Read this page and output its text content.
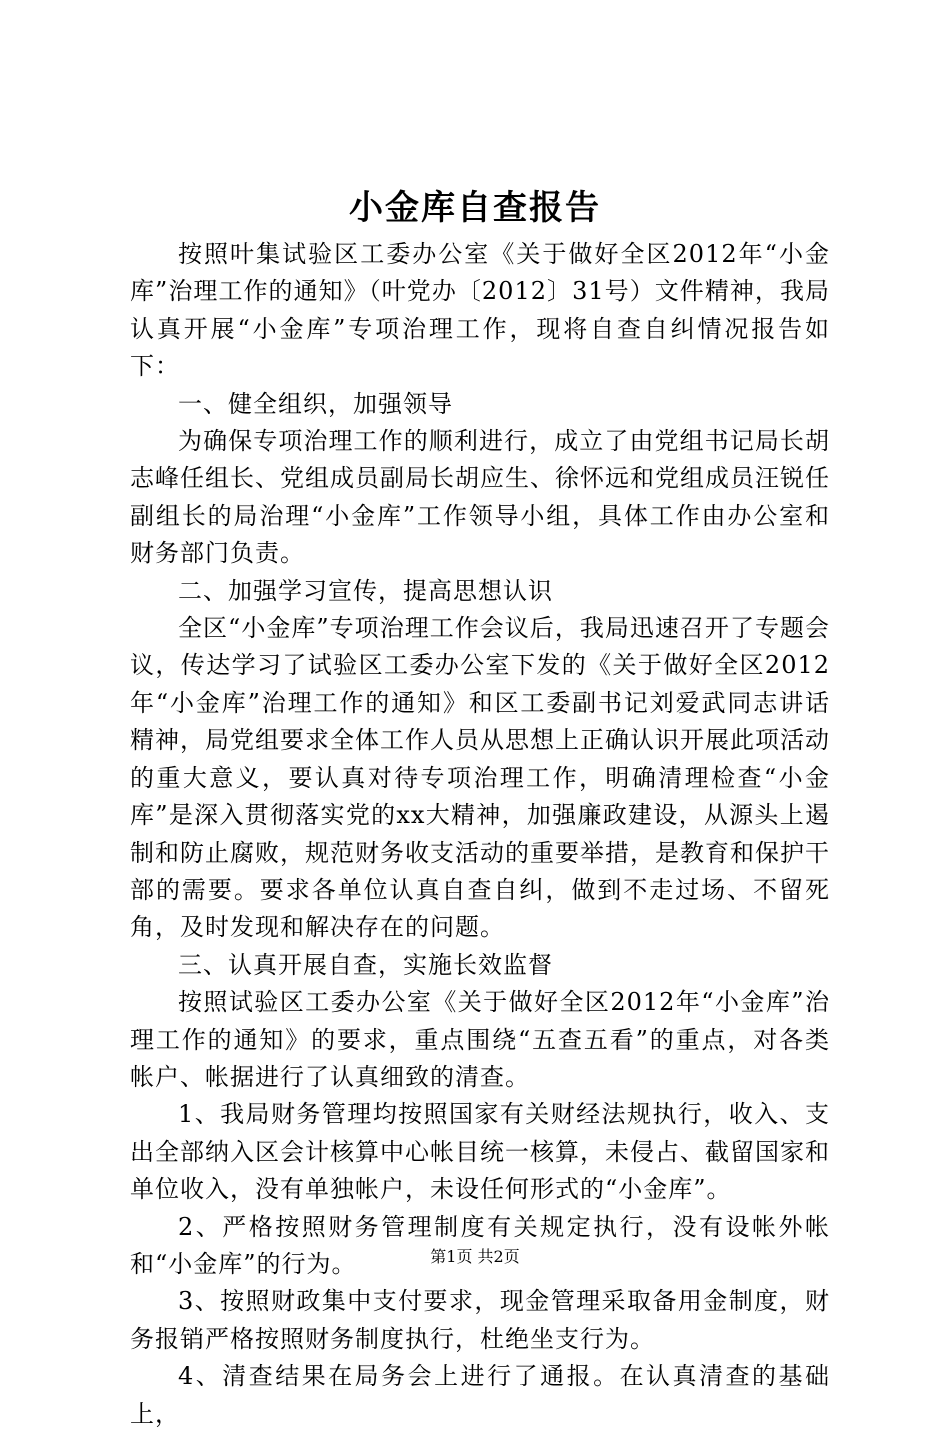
小金库自查报告

按照叶集试验区工委办公室《关于做好全区2012年“小金库”治理工作的通知》（叶党办〔2012〕31号）文件精神，我局认真开展“小金库”专项治理工作，现将自查自纠情况报告如下：

一、健全组织，加强领导

为确保专项治理工作的顺利进行，成立了由党组书记局长胡志峰任组长、党组成员副局长胡应生、徐怀远和党组成员汪锐任副组长的局治理“小金库”工作领导小组，具体工作由办公室和财务部门负责。

二、加强学习宣传，提高思想认识

全区“小金库”专项治理工作会议后，我局迅速召开了专题会议，传达学习了试验区工委办公室下发的《关于做好全区2012年“小金库”治理工作的通知》和区工委副书记刘爱武同志讲话精神，局党组要求全体工作人员从思想上正确认识开展此项活动的重大意义，要认真对待专项治理工作，明确清理检查“小金库”是深入贯彻落实党的xx大精神，加强廉政建设，从源头上遏制和防止腐败，规范财务收支活动的重要举措，是教育和保护干部的需要。要求各单位认真自查自纠，做到不走过场、不留死角，及时发现和解决存在的问题。

三、认真开展自查，实施长效监督

按照试验区工委办公室《关于做好全区2012年“小金库”治理工作的通知》的要求，重点围绕“五查五看”的重点，对各类帐户、帐据进行了认真细致的清查。

1、我局财务管理均按照国家有关财经法规执行，收入、支出全部纳入区会计核算中心帐目统一核算，未侵占、截留国家和单位收入，没有单独帐户，未设任何形式的“小金库”。

2、严格按照财务管理制度有关规定执行，没有设帐外帐和“小金库”的行为。

3、按照财政集中支付要求，现金管理采取备用金制度，财务报销严格按照财务制度执行，杜绝坐支行为。

4、清查结果在局务会上进行了通报。在认真清查的基础上，

第1页 共2页
